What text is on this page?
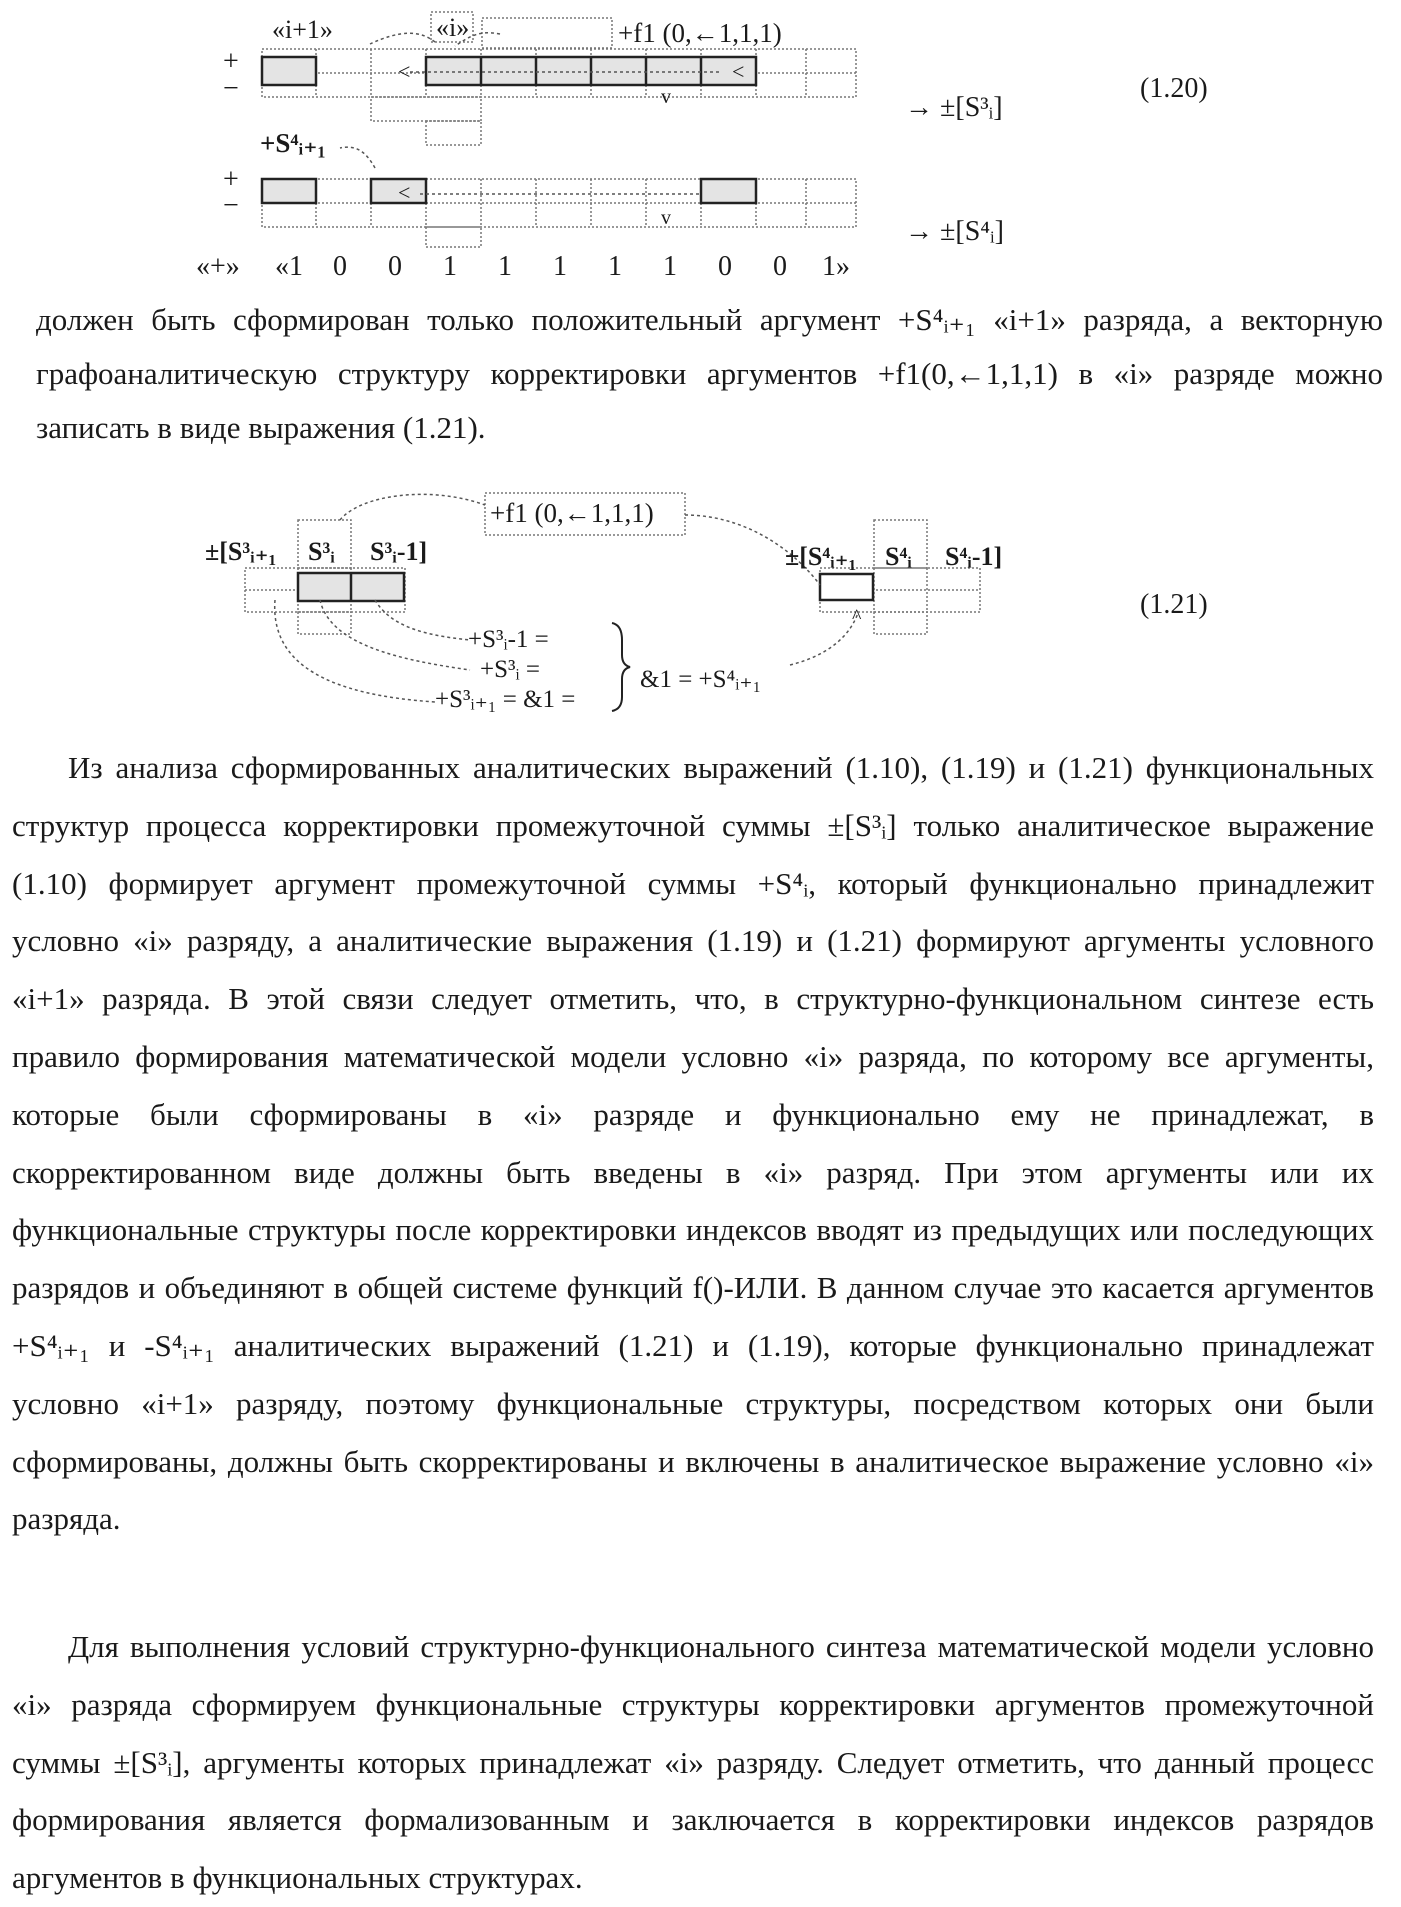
«i+1»	«i»	+f1 (0,←1,1,1)
+
−
→ ±[S³ᵢ]
(1.20)
+S⁴ᵢ₊₁
+
−
→ ±[S⁴ᵢ]
<	<
v
<
v
«+» «1 0 0 1 1 1 1 1 0 0 1»
должен быть сформирован только положительный аргумент +S⁴ᵢ₊₁ «i+1» разряда, а векторную графоаналитическую структуру корректировки аргументов +f1(0,←1,1,1) в «i» разряде можно записать в виде выражения (1.21).
+f1 (0,←1,1,1)
±[S³ᵢ₊₁ S³ᵢ S³ᵢ-1]	±[S⁴ᵢ₊₁ S⁴ᵢ S⁴ᵢ-1]
(1.21)
+S³ᵢ-1 =
+S³ᵢ =
+S³ᵢ₊₁ = &1 =
&1 = +S⁴ᵢ₊₁
^
Из анализа сформированных аналитических выражений (1.10), (1.19) и (1.21) функциональных структур процесса корректировки промежуточной суммы ±[S³ᵢ] только аналитическое выражение (1.10) формирует аргумент промежуточной суммы +S⁴ᵢ, который функционально принадлежит условно «i» разряду, а аналитические выражения (1.19) и (1.21) формируют аргументы условного «i+1» разряда. В этой связи следует отметить, что, в структурно-функциональном синтезе есть правило формирования математической модели условно «i» разряда, по которому все аргументы, которые были сформированы в «i» разряде и функционально ему не принадлежат, в скорректированном виде должны быть введены в «i» разряд. При этом аргументы или их функциональные структуры после корректировки индексов вводят из предыдущих или последующих разрядов и объединяют в общей системе функций f()-ИЛИ. В данном случае это касается аргументов +S⁴ᵢ₊₁ и -S⁴ᵢ₊₁ аналитических выражений (1.21) и (1.19), которые функционально принадлежат условно «i+1» разряду, поэтому функциональные структуры, посредством которых они были сформированы, должны быть скорректированы и включены в аналитическое выражение условно «i» разряда.
Для выполнения условий структурно-функционального синтеза математической модели условно «i» разряда сформируем функциональные структуры корректировки аргументов промежуточной суммы ±[S³ᵢ], аргументы которых принадлежат «i» разряду. Следует отметить, что данный процесс формирования является формализованным и заключается в корректировки индексов разрядов аргументов в функциональных структурах.
